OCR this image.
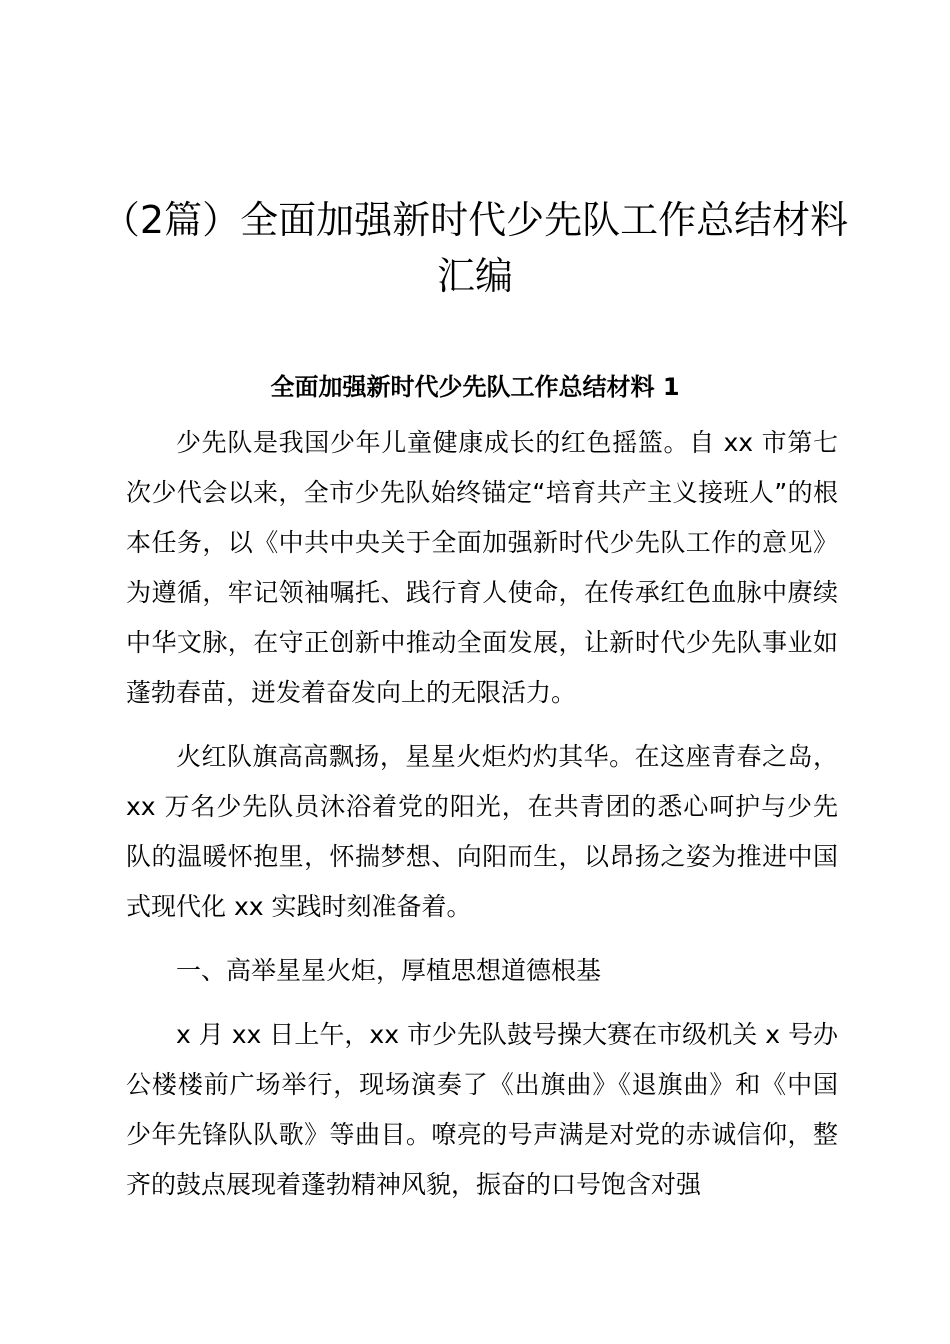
（2篇）全面加强新时代少先队工作总结材料汇编
全面加强新时代少先队工作总结材料 1

少先队是我国少年儿童健康成长的红色摇篮。自 xx 市第七次少代会以来，全市少先队始终锚定“培育共产主义接班人”的根本任务，以《中共中央关于全面加强新时代少先队工作的意见》为遵循，牢记领袖嘱托、践行育人使命，在传承红色血脉中赓续中华文脉，在守正创新中推动全面发展，让新时代少先队事业如蓬勃春苗，迸发着奋发向上的无限活力。

火红队旗高高飘扬，星星火炬灼灼其华。在这座青春之岛，xx 万名少先队员沐浴着党的阳光，在共青团的悉心呵护与少先队的温暖怀抱里，怀揣梦想、向阳而生，以昂扬之姿为推进中国式现代化 xx 实践时刻准备着。

一、高举星星火炬，厚植思想道德根基

x 月 xx 日上午，xx 市少先队鼓号操大赛在市级机关 x 号办公楼楼前广场举行，现场演奏了《出旗曲》《退旗曲》和《中国少年先锋队队歌》等曲目。嘹亮的号声满是对党的赤诚信仰，整齐的鼓点展现着蓬勃精神风貌，振奋的口号饱含对强
